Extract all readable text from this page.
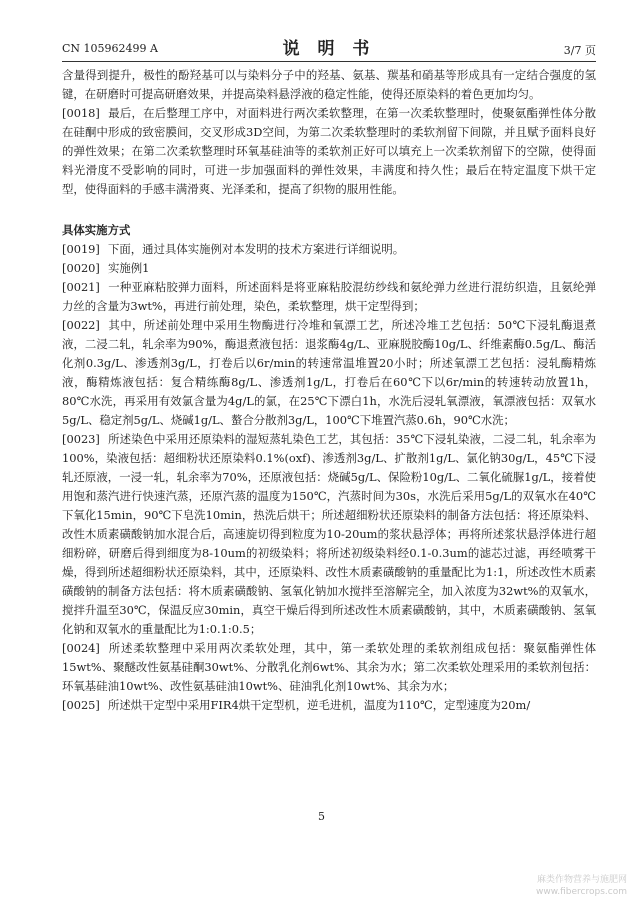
CN 105962499 A	说 明 书	3/7 页

含量得到提升，极性的酚羟基可以与染料分子中的羟基、氨基、羰基和硝基等形成具有一定结合强度的氢键，在研磨时可提高研磨效果，并提高染料悬浮液的稳定性能，使得还原染料的着色更加均匀。

[0018] 最后，在后整理工序中，对面料进行两次柔软整理，在第一次柔软整理时，使聚氨酯弹性体分散在硅酮中形成的致密膜间，交叉形成3D空间，为第二次柔软整理时的柔软剂留下间隙，并且赋予面料良好的弹性效果；在第二次柔软整理时环氧基硅油等的柔软剂正好可以填充上一次柔软剂留下的空隙，使得面料光滑度不受影响的同时，可进一步加强面料的弹性效果，丰满度和持久性；最后在特定温度下烘干定型，使得面料的手感丰满滑爽、光泽柔和，提高了织物的服用性能。

具体实施方式

[0019] 下面，通过具体实施例对本发明的技术方案进行详细说明。

[0020] 实施例1

[0021] 一种亚麻粘胶弹力面料，所述面料是将亚麻粘胶混纺纱线和氨纶弹力丝进行混纺织造，且氨纶弹力丝的含量为3wt%，再进行前处理，染色，柔软整理，烘干定型得到；

[0022] 其中，所述前处理中采用生物酶进行冷堆和氧漂工艺，所述冷堆工艺包括：50℃下浸轧酶退煮液，二浸二轧，轧余率为90%，酶退煮液包括：退浆酶4g/L、亚麻脱胶酶10g/L、纤维素酶0.5g/L、酶活化剂0.3g/L、渗透剂3g/L，打卷后以6r/min的转速常温堆置20小时；所述氧漂工艺包括：浸轧酶精炼液，酶精炼液包括：复合精练酶8g/L、渗透剂1g/L，打卷后在60℃下以6r/min的转速转动放置1h，80℃水洗，再采用有效氯含量为4g/L的氯，在25℃下漂白1h，水洗后浸轧氧漂液，氧漂液包括：双氧水5g/L、稳定剂5g/L、烧碱1g/L、螯合分散剂3g/L，100℃下堆置汽蒸0.6h，90℃水洗；

[0023] 所述染色中采用还原染料的湿短蒸轧染色工艺，其包括：35℃下浸轧染液，二浸二轧，轧余率为100%，染液包括：超细粉状还原染料0.1%(oxf)、渗透剂3g/L、扩散剂1g/L、氯化钠30g/L，45℃下浸轧还原液，一浸一轧，轧余率为70%，还原液包括：烧碱5g/L、保险粉10g/L、二氧化硫脲1g/L，接着使用饱和蒸汽进行快速汽蒸，还原汽蒸的温度为150℃，汽蒸时间为30s，水洗后采用5g/L的双氧水在40℃下氧化15min，90℃下皂洗10min，热洗后烘干；所述超细粉状还原染料的制备方法包括：将还原染料、改性木质素磺酸钠加水混合后，高速旋切得到粒度为10-20um的浆状悬浮体；再将所述浆状悬浮体进行超细粉碎，研磨后得到细度为8-10um的初级染料；将所述初级染料经0.1-0.3um的滤芯过滤，再经喷雾干燥，得到所述超细粉状还原染料，其中，还原染料、改性木质素磺酸钠的重量配比为1:1，所述改性木质素磺酸钠的制备方法包括：将木质素磺酸钠、氢氧化钠加水搅拌至溶解完全，加入浓度为32wt%的双氧水，搅拌升温至30℃，保温反应30min，真空干燥后得到所述改性木质素磺酸钠，其中，木质素磺酸钠、氢氧化钠和双氧水的重量配比为1:0.1:0.5；

[0024] 所述柔软整理中采用两次柔软处理，其中，第一柔软处理的柔软剂组成包括：聚氨酯弹性体15wt%、聚醚改性氨基硅酮30wt%、分散乳化剂6wt%、其余为水；第二次柔软处理采用的柔软剂包括：环氧基硅油10wt%、改性氨基硅油10wt%、硅油乳化剂10wt%、其余为水；

[0025] 所述烘干定型中采用FIR4烘干定型机，逆毛进机，温度为110℃，定型速度为20m/

5
麻类作物营养与施肥网
www.fibercrops.com
